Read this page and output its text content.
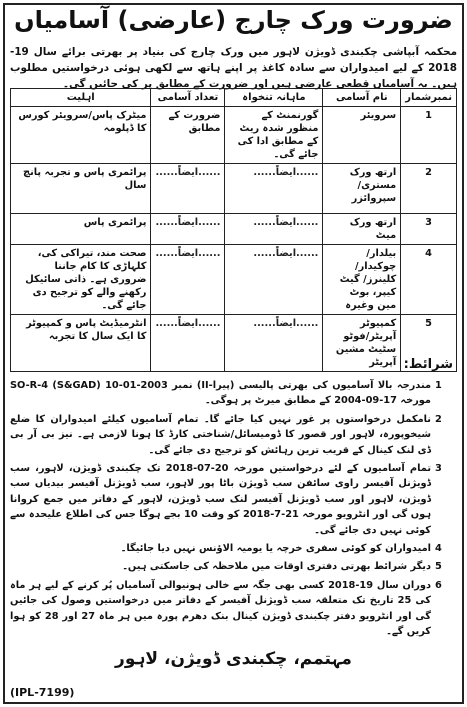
ضرورت ورک چارج (عارضی) آسامیاں
محکمہ آبپاشی چکبندی ڈویژن لاہور میں ورک چارج کی بنیاد پر بھرتی برائے سال 19-2018 کے لیے امیدواران سے سادہ کاغذ پر اپنے ہاتھ سے لکھی ہوئی درخواستیں مطلوب ہیں۔ یہ آسامیاں قطعی عارضی ہیں اور ضرورت کے مطابق پر کی جائیں گی۔
نمبرشمار	نام آسامی	ماہانہ تنخواہ	تعداد آسامی	اہلیت
1	سرویئر	گورنمنٹ کے منظور شدہ ریٹ کے مطابق ادا کی جائے گی۔	ضرورت کے مطابق	میٹرک پاس/سرویئر کورس کا ڈپلومہ
2	ارتھ ورک مستری/ سپروائزر	......ایضاً......	......ایضاً......	پرائمری پاس و تجربہ پانچ سال
3	ارتھ ورک میٹ	......ایضاً......	......ایضاً......	پرائمری پاس
4	بیلدار/چوکیدار/کلینرز/ گیٹ کیپر، بوٹ مین وغیرہ	......ایضاً......	......ایضاً......	صحت مند، تیراکی کی، کلہاڑی کا کام جاننا ضروری ہے۔ ذاتی سائیکل رکھنے والے کو ترجیح دی جائے گی۔
5	کمپیوٹر آپریٹر/فوٹو سٹیٹ مشین آپریٹر	......ایضاً......	......ایضاً......	انٹرمیڈیٹ پاس و کمپیوٹر کا ایک سال کا تجربہ
شرائط:
1
مندرجہ بالا آسامیوں کی بھرتی پالیسی (پیرا-II) نمبر SO-R-4 (S&GAD) 10-01-2003 مورخہ 17-09-2004 کے مطابق میرٹ پر ہوگی۔
2
نامکمل درخواستوں پر غور نہیں کیا جائے گا۔ تمام آسامیوں کیلئے امیدواران کا ضلع شیخوپورہ، لاہور اور قصور کا ڈومیسائل/شناختی کارڈ کا ہونا لازمی ہے۔ نیز بی آر بی ڈی لنک کینال کے قریب ترین رہائش کو ترجیح دی جائے گی۔
3
تمام آسامیوں کے لئے درخواستیں مورخہ 20-07-2018 تک چکبندی ڈویژن، لاہور، سب ڈویژنل آفیسر راوی سائفن سب ڈویژن باٹا پور لاہور، سب ڈویژنل آفیسر بیدیاں سب ڈویژن، لاہور اور سب ڈویژنل آفیسر لنک سب ڈویژن، لاہور کے دفاتر میں جمع کروانا ہوں گی اور انٹرویو مورخہ 21-7-2018 کو وقت 10 بجے ہوگا جس کی اطلاع علیحدہ سے کوئی نہیں دی جائے گی۔
4
امیدواران کو کوئی سفری خرچہ یا یومیہ الاؤنس نہیں دیا جائیگا۔
5
دیگر شرائط بھرتی دفتری اوقات میں ملاحظہ کی جاسکتی ہیں۔
6
دوران سال 19-2018 کسی بھی جگہ سے خالی ہونیوالی آسامیاں پُر کرنے کے لیے ہر ماہ کی 25 تاریخ تک متعلقہ سب ڈویژنل آفیسر کے دفاتر میں درخواستیں وصول کی جائیں گی اور انٹرویو دفتر چکبندی ڈویژن کینال بنک دھرم پورہ میں ہر ماہ 27 اور 28 کو ہوا کریں گے۔
مہتمم، چکبندی ڈویژن، لاہور
(IPL-7199)
